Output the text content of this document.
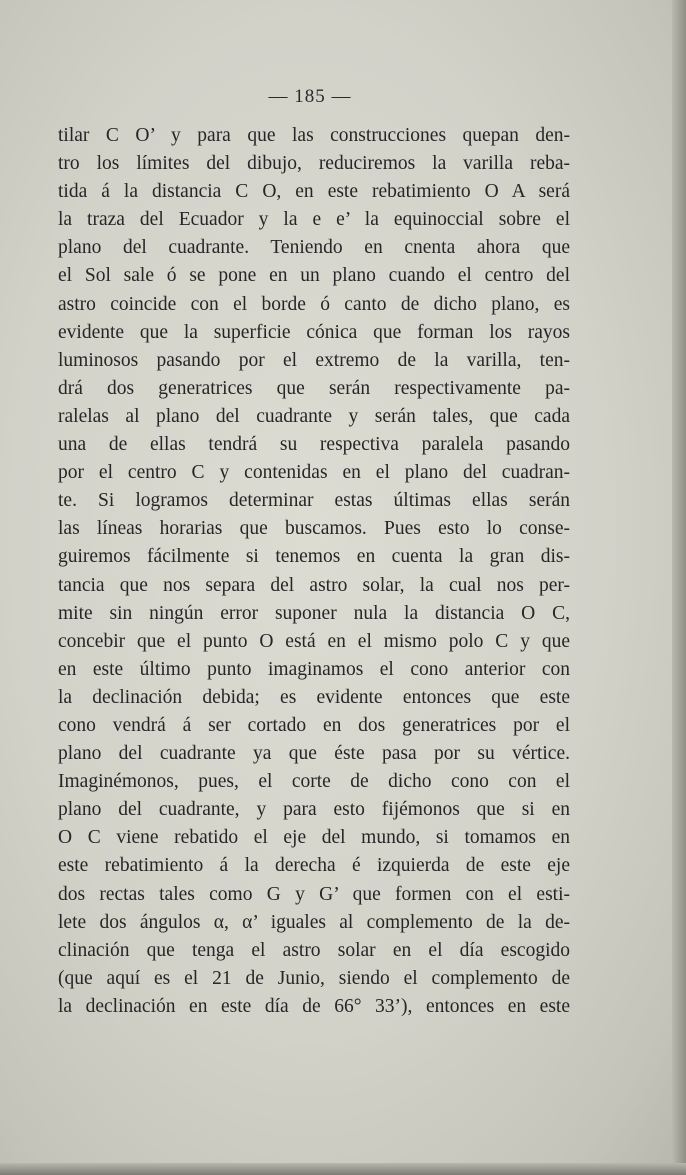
— 185 —
tilar C O’ y para que las construcciones quepan den-
tro los límites del dibujo, reduciremos la varilla reba-
tida á la distancia C O, en este rebatimiento O A será
la traza del Ecuador y la e e’ la equinoccial sobre el
plano del cuadrante. Teniendo en cnenta ahora que
el Sol sale ó se pone en un plano cuando el centro del
astro coincide con el borde ó canto de dicho plano, es
evidente que la superficie cónica que forman los rayos
luminosos pasando por el extremo de la varilla, ten-
drá dos generatrices que serán respectivamente pa-
ralelas al plano del cuadrante y serán tales, que cada
una de ellas tendrá su respectiva paralela pasando
por el centro C y contenidas en el plano del cuadran-
te. Si logramos determinar estas últimas ellas serán
las líneas horarias que buscamos. Pues esto lo conse-
guiremos fácilmente si tenemos en cuenta la gran dis-
tancia que nos separa del astro solar, la cual nos per-
mite sin ningún error suponer nula la distancia O C,
concebir que el punto O está en el mismo polo C y que
en este último punto imaginamos el cono anterior con
la declinación debida; es evidente entonces que este
cono vendrá á ser cortado en dos generatrices por el
plano del cuadrante ya que éste pasa por su vértice.
Imaginémonos, pues, el corte de dicho cono con el
plano del cuadrante, y para esto fijémonos que si en
O C viene rebatido el eje del mundo, si tomamos en
este rebatimiento á la derecha é izquierda de este eje
dos rectas tales como G y G’ que formen con el esti-
lete dos ángulos α, α’ iguales al complemento de la de-
clinación que tenga el astro solar en el día escogido
(que aquí es el 21 de Junio, siendo el complemento de
la declinación en este día de 66° 33’), entonces en este
